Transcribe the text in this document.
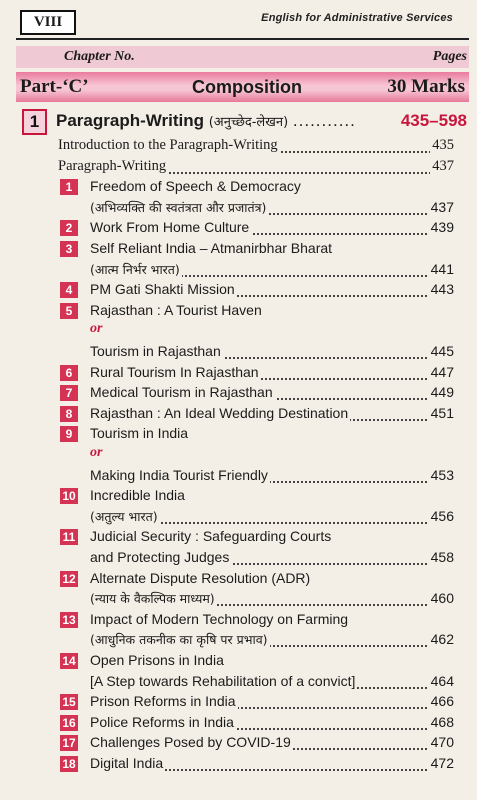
VIII	English for Administrative Services
Chapter No.	Pages
Part-‘C’	Composition	30 Marks
1 Paragraph-Writing (अनुच्छेद-लेखन) ...........	435–598
Introduction to the Paragraph-Writing	435
Paragraph-Writing	437
1	Freedom of Speech & Democracy
(अभिव्यक्ति की स्वतंत्रता और प्रजातंत्र)	437
2	Work From Home Culture	439
3	Self Reliant India – Atmanirbhar Bharat
(आत्म निर्भर भारत)	441
4	PM Gati Shakti Mission	443
5	Rajasthan : A Tourist Haven
or
Tourism in Rajasthan	445
6	Rural Tourism In Rajasthan	447
7	Medical Tourism in Rajasthan	449
8	Rajasthan : An Ideal Wedding Destination	451
9	Tourism in India
or
Making India Tourist Friendly	453
10 Incredible India
(अतुल्य भारत)	456
11 Judicial Security : Safeguarding Courts
and Protecting Judges	458
12 Alternate Dispute Resolution (ADR)
(न्याय के वैकल्पिक माध्यम)	460
13 Impact of Modern Technology on Farming
(आधुनिक तकनीक का कृषि पर प्रभाव)	462
14 Open Prisons in India
[A Step towards Rehabilitation of a convict]	464
15 Prison Reforms in India	466
16 Police Reforms in India	468
17 Challenges Posed by COVID-19	470
18 Digital India	472
